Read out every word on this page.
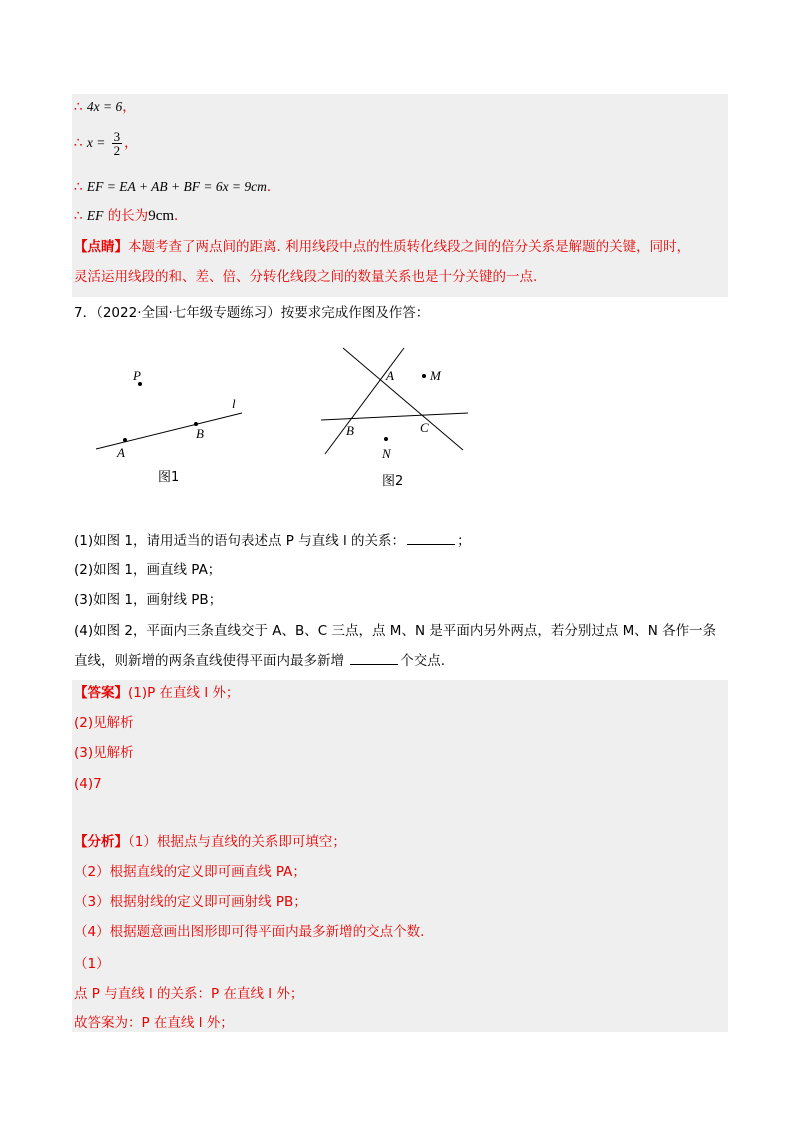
∴ 4x = 6，
∴ $x = \frac{3}{2}$ ，
∴ EF = EA + AB + BF = 6x = 9cm．
∴ EF 的长为9cm．
【点睛】本题考查了两点间的距离. 利用线段中点的性质转化线段之间的倍分关系是解题的关键，同时，
灵活运用线段的和、差、倍、分转化线段之间的数量关系也是十分关键的一点.
7．（2022·全国·七年级专题练习）按要求完成作图及作答：
P
A
B
l
图1
A	M
B	C
N
图2
(1)如图 1，请用适当的语句表述点 P 与直线 l 的关系：	；
(2)如图 1，画直线 PA；
(3)如图 1，画射线 PB；
(4)如图 2，平面内三条直线交于 A、B、C 三点，点 M、N 是平面内另外两点，若分别过点 M、N 各作一条
直线，则新增的两条直线使得平面内最多新增	个交点.
【答案】(1)P 在直线 l 外；
(2)见解析
(3)见解析
(4)7
【分析】（1）根据点与直线的关系即可填空；
（2）根据直线的定义即可画直线 PA；
（3）根据射线的定义即可画射线 PB；
（4）根据题意画出图形即可得平面内最多新增的交点个数.
（1）
点 P 与直线 l 的关系：P 在直线 l 外；
故答案为：P 在直线 l 外；
